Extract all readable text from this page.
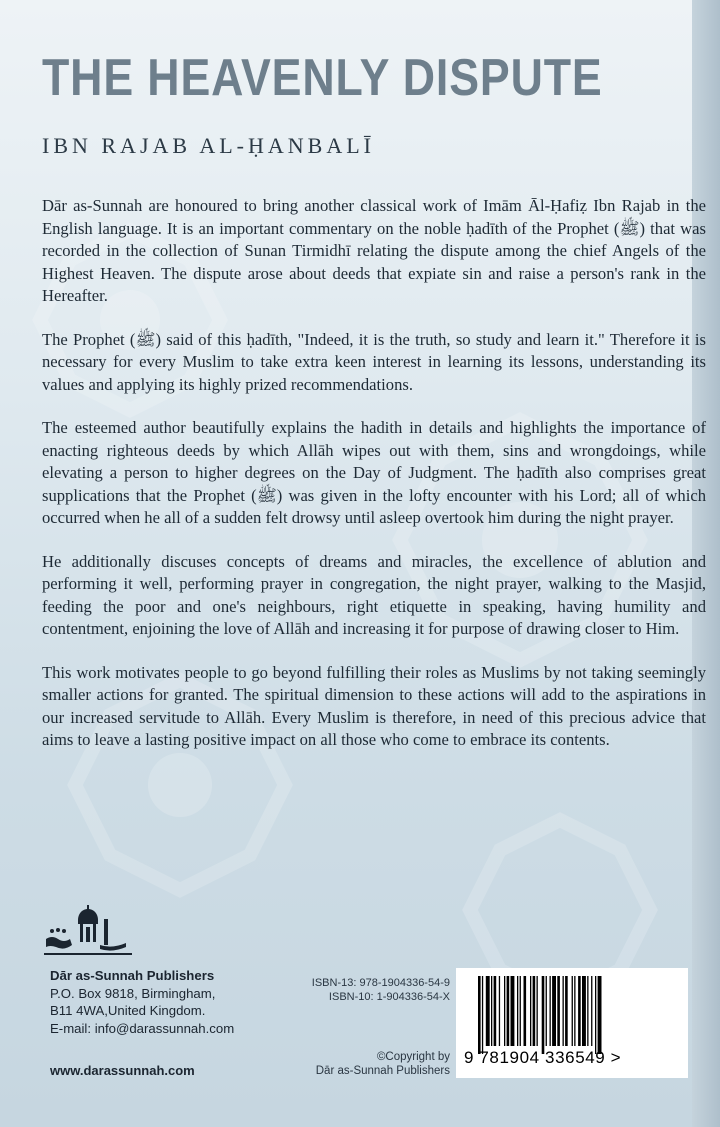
THE HEAVENLY DISPUTE
IBN RAJAB AL-ḤANBALĪ

Dār as-Sunnah are honoured to bring another classical work of Imām Āl-Ḥafiẓ Ibn Rajab in the English language. It is an important commentary on the noble ḥadīth of the Prophet (ﷺ) that was recorded in the collection of Sunan Tirmidhī relating the dispute among the chief Angels of the Highest Heaven. The dispute arose about deeds that expiate sin and raise a person's rank in the Hereafter.

The Prophet (ﷺ) said of this ḥadīth, "Indeed, it is the truth, so study and learn it." Therefore it is necessary for every Muslim to take extra keen interest in learning its lessons, understanding its values and applying its highly prized recommendations.

The esteemed author beautifully explains the hadith in details and highlights the importance of enacting righteous deeds by which Allāh wipes out with them, sins and wrongdoings, while elevating a person to higher degrees on the Day of Judgment. The ḥadīth also comprises great supplications that the Prophet (ﷺ) was given in the lofty encounter with his Lord; all of which occurred when he all of a sudden felt drowsy until asleep overtook him during the night prayer.

He additionally discuses concepts of dreams and miracles, the excellence of ablution and performing it well, performing prayer in congregation, the night prayer, walking to the Masjid, feeding the poor and one's neighbours, right etiquette in speaking, having humility and contentment, enjoining the love of Allāh and increasing it for purpose of drawing closer to Him.

This work motivates people to go beyond fulfilling their roles as Muslims by not taking seemingly smaller actions for granted. The spiritual dimension to these actions will add to the aspirations in our increased servitude to Allāh. Every Muslim is therefore, in need of this precious advice that aims to leave a lasting positive impact on all those who come to embrace its contents.

Dār as-Sunnah Publishers
P.O. Box 9818, Birmingham,
B11 4WA,United Kingdom.
E-mail: info@darassunnah.com
www.darassunnah.com
ISBN-13: 978-1904336-54-9
ISBN-10: 1-904336-54-X
©Copyright by
Dār as-Sunnah Publishers
9 781904 336549 >
